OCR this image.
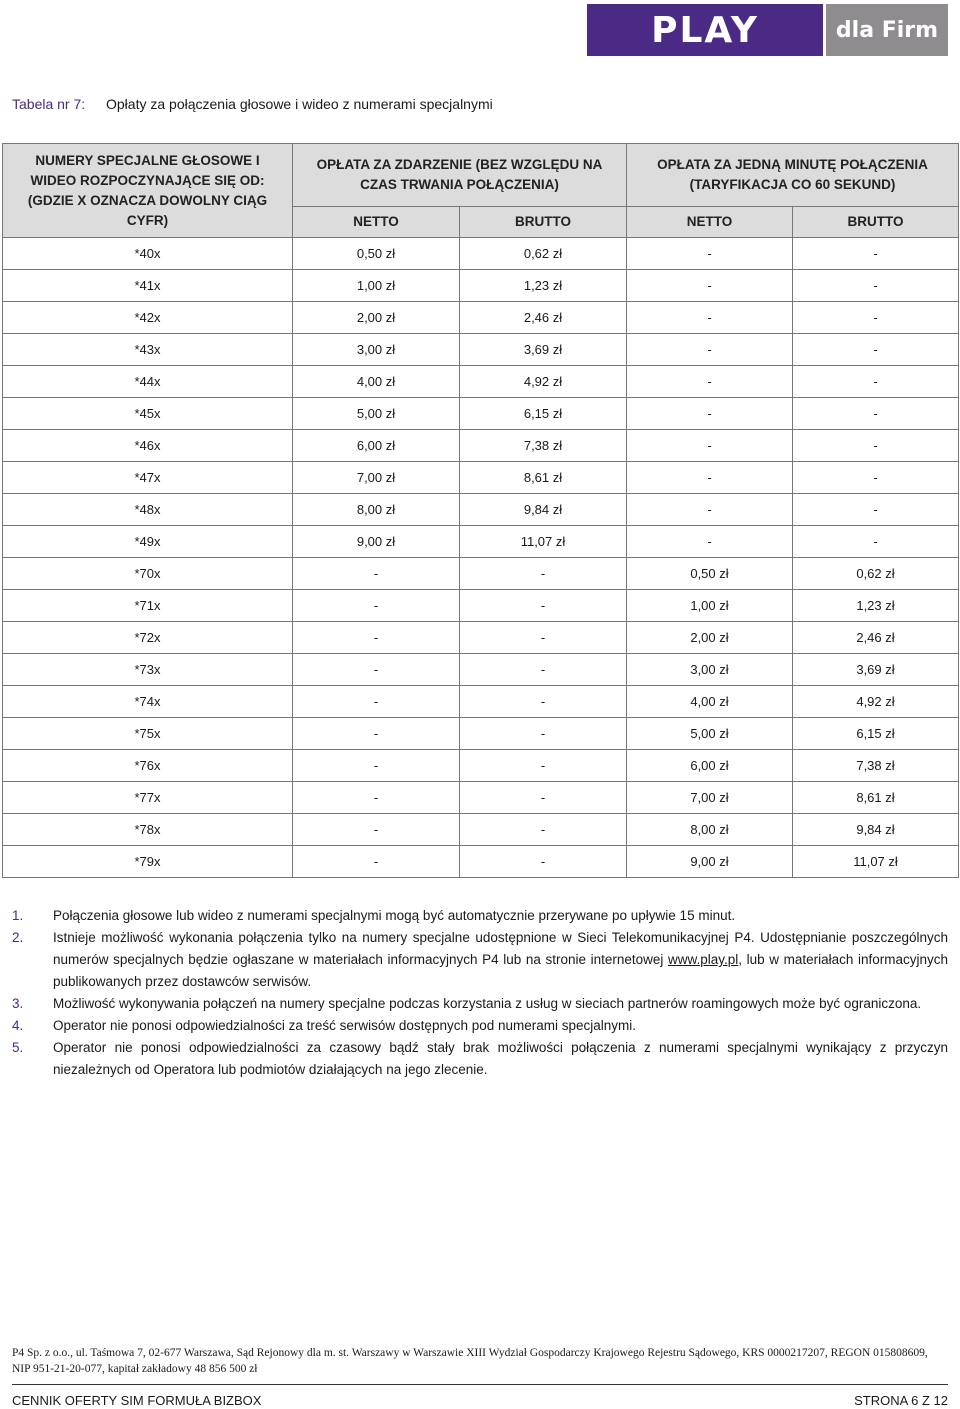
PLAY	dla Firm
Tabela nr 7: Opłaty za połączenia głosowe i wideo z numerami specjalnymi
NUMERY SPECJALNE GŁOSOWE I WIDEO ROZPOCZYNAJĄCE SIĘ OD: (GDZIE X OZNACZA DOWOLNY CIĄG CYFR)	OPŁATA ZA ZDARZENIE (BEZ WZGLĘDU NA CZAS TRWANIA POŁĄCZENIA)		OPŁATA ZA JEDNĄ MINUTĘ POŁĄCZENIA (TARYFIKACJA CO 60 SEKUND)	
	NETTO	BRUTTO	NETTO	BRUTTO
*40x	0,50 zł	0,62 zł	-	-
*41x	1,00 zł	1,23 zł	-	-
*42x	2,00 zł	2,46 zł	-	-
*43x	3,00 zł	3,69 zł	-	-
*44x	4,00 zł	4,92 zł	-	-
*45x	5,00 zł	6,15 zł	-	-
*46x	6,00 zł	7,38 zł	-	-
*47x	7,00 zł	8,61 zł	-	-
*48x	8,00 zł	9,84 zł	-	-
*49x	9,00 zł	11,07 zł	-	-
*70x	-	-	0,50 zł	0,62 zł
*71x	-	-	1,00 zł	1,23 zł
*72x	-	-	2,00 zł	2,46 zł
*73x	-	-	3,00 zł	3,69 zł
*74x	-	-	4,00 zł	4,92 zł
*75x	-	-	5,00 zł	6,15 zł
*76x	-	-	6,00 zł	7,38 zł
*77x	-	-	7,00 zł	8,61 zł
*78x	-	-	8,00 zł	9,84 zł
*79x	-	-	9,00 zł	11,07 zł
1.	Połączenia głosowe lub wideo z numerami specjalnymi mogą być automatycznie przerywane po upływie 15 minut.
2.	Istnieje możliwość wykonania połączenia tylko na numery specjalne udostępnione w Sieci Telekomunikacyjnej P4. Udostępnianie poszczególnych numerów specjalnych będzie ogłaszane w materiałach informacyjnych P4 lub na stronie internetowej www.play.pl, lub w materiałach informacyjnych publikowanych przez dostawców serwisów.
3.	Możliwość wykonywania połączeń na numery specjalne podczas korzystania z usług w sieciach partnerów roamingowych może być ograniczona.
4.	Operator nie ponosi odpowiedzialności za treść serwisów dostępnych pod numerami specjalnymi.
5.	Operator nie ponosi odpowiedzialności za czasowy bądź stały brak możliwości połączenia z numerami specjalnymi wynikający z przyczyn niezależnych od Operatora lub podmiotów działających na jego zlecenie.
P4 Sp. z o.o., ul. Taśmowa 7, 02-677 Warszawa, Sąd Rejonowy dla m. st. Warszawy w Warszawie XIII Wydział Gospodarczy Krajowego Rejestru Sądowego, KRS 0000217207, REGON 015808609,
NIP 951-21-20-077, kapitał zakładowy 48 856 500 zł
CENNIK OFERTY SIM FORMUŁA BIZBOX	STRONA 6 Z 12
